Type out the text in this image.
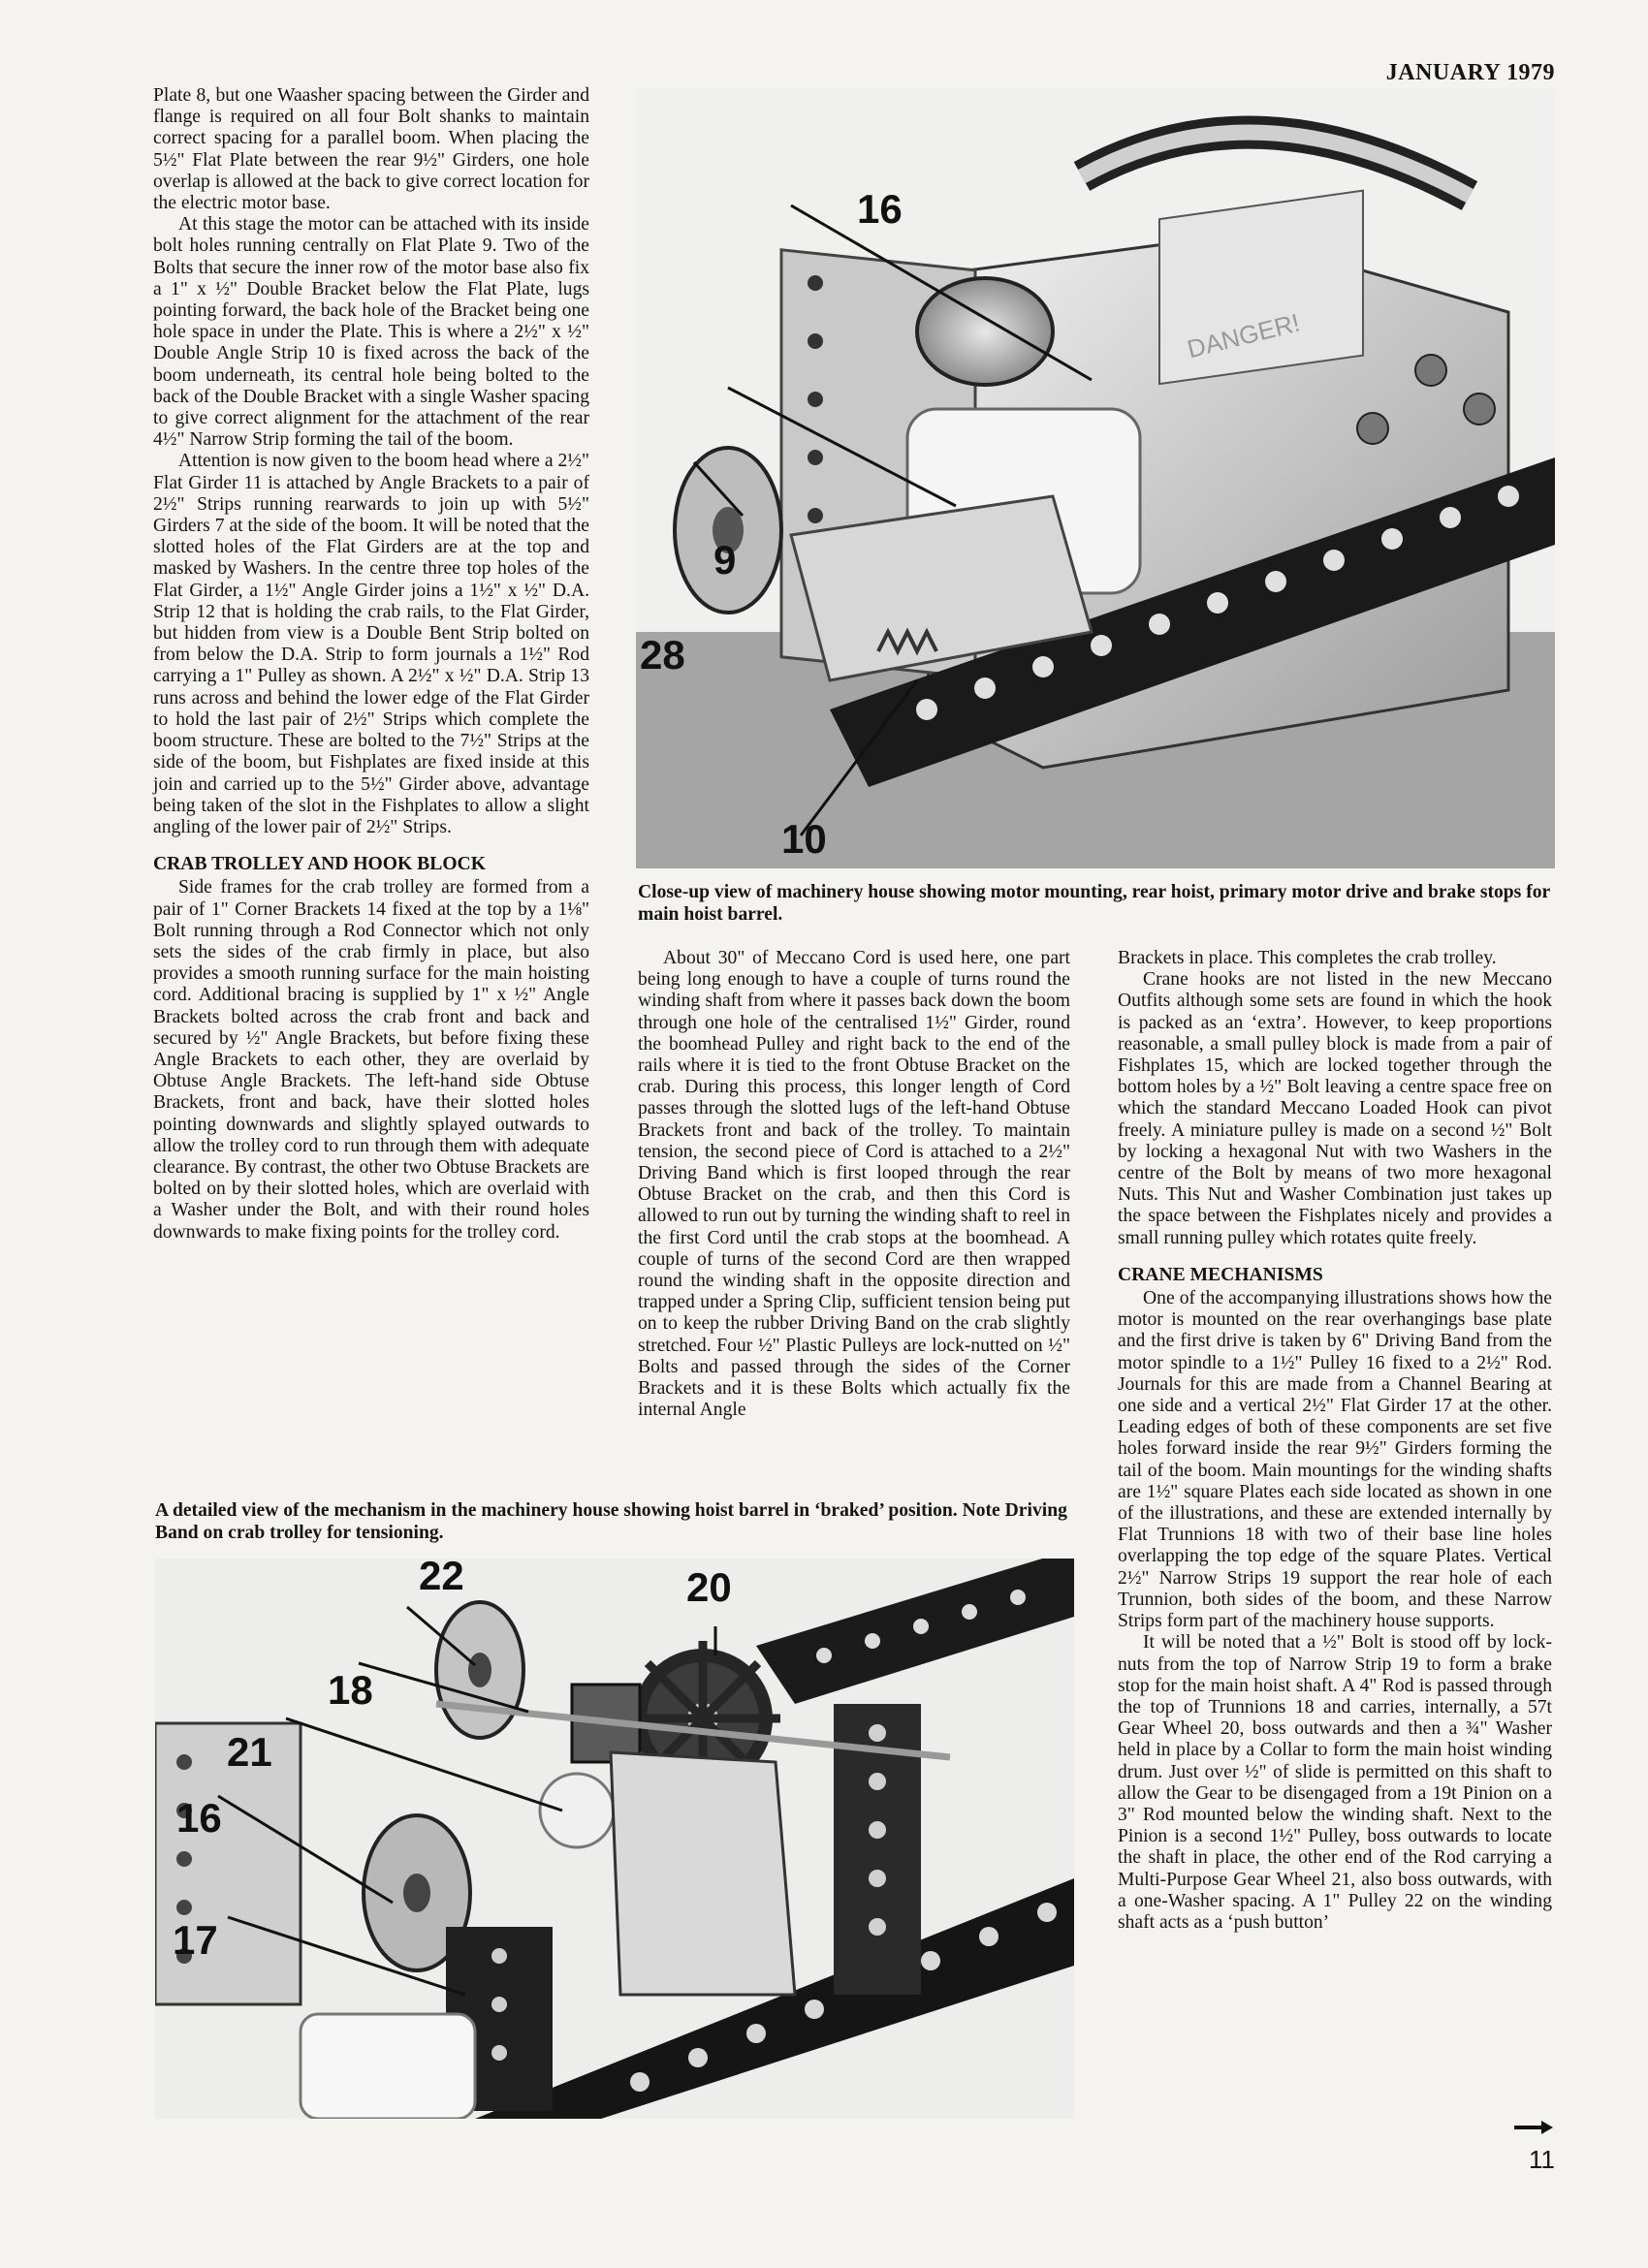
JANUARY 1979

Plate 8, but one Waasher spacing between the Girder and flange is required on all four Bolt shanks to maintain correct spacing for a parallel boom. When placing the 5½" Flat Plate between the rear 9½" Girders, one hole overlap is allowed at the back to give correct location for the electric motor base.

At this stage the motor can be attached with its inside bolt holes running centrally on Flat Plate 9. Two of the Bolts that secure the inner row of the motor base also fix a 1" x ½" Double Bracket below the Flat Plate, lugs pointing forward, the back hole of the Bracket being one hole space in under the Plate. This is where a 2½" x ½" Double Angle Strip 10 is fixed across the back of the boom underneath, its central hole being bolted to the back of the Double Bracket with a single Washer spacing to give correct alignment for the attachment of the rear 4½" Narrow Strip forming the tail of the boom.

Attention is now given to the boom head where a 2½" Flat Girder 11 is attached by Angle Brackets to a pair of 2½" Strips running rearwards to join up with 5½" Girders 7 at the side of the boom. It will be noted that the slotted holes of the Flat Girders are at the top and masked by Washers. In the centre three top holes of the Flat Girder, a 1½" Angle Girder joins a 1½" x ½" D.A. Strip 12 that is holding the crab rails, to the Flat Girder, but hidden from view is a Double Bent Strip bolted on from below the D.A. Strip to form journals a 1½" Rod carrying a 1" Pulley as shown. A 2½" x ½" D.A. Strip 13 runs across and behind the lower edge of the Flat Girder to hold the last pair of 2½" Strips which complete the boom structure. These are bolted to the 7½" Strips at the side of the boom, but Fishplates are fixed inside at this join and carried up to the 5½" Girder above, advantage being taken of the slot in the Fishplates to allow a slight angling of the lower pair of 2½" Strips.

CRAB TROLLEY AND HOOK BLOCK

Side frames for the crab trolley are formed from a pair of 1" Corner Brackets 14 fixed at the top by a 1⅛" Bolt running through a Rod Connector which not only sets the sides of the crab firmly in place, but also provides a smooth running surface for the main hoisting cord. Additional bracing is supplied by 1" x ½" Angle Brackets bolted across the crab front and back and secured by ½" Angle Brackets, but before fixing these Angle Brackets to each other, they are overlaid by Obtuse Angle Brackets. The left-hand side Obtuse Brackets, front and back, have their slotted holes pointing downwards and slightly splayed outwards to allow the trolley cord to run through them with adequate clearance. By contrast, the other two Obtuse Brackets are bolted on by their slotted holes, which are overlaid with a Washer under the Bolt, and with their round holes downwards to make fixing points for the trolley cord.

DANGER!
16
9
28
10
Close-up view of machinery house showing motor mounting, rear hoist, primary motor drive and brake stops for main hoist barrel.

About 30" of Meccano Cord is used here, one part being long enough to have a couple of turns round the winding shaft from where it passes back down the boom through one hole of the centralised 1½" Girder, round the boomhead Pulley and right back to the end of the rails where it is tied to the front Obtuse Bracket on the crab. During this process, this longer length of Cord passes through the slotted lugs of the left-hand Obtuse Brackets front and back of the trolley. To maintain tension, the second piece of Cord is attached to a 2½" Driving Band which is first looped through the rear Obtuse Bracket on the crab, and then this Cord is allowed to run out by turning the winding shaft to reel in the first Cord until the crab stops at the boomhead. A couple of turns of the second Cord are then wrapped round the winding shaft in the opposite direction and trapped under a Spring Clip, sufficient tension being put on to keep the rubber Driving Band on the crab slightly stretched. Four ½" Plastic Pulleys are lock-nutted on ½" Bolts and passed through the sides of the Corner Brackets and it is these Bolts which actually fix the internal Angle

Brackets in place. This completes the crab trolley.

Crane hooks are not listed in the new Meccano Outfits although some sets are found in which the hook is packed as an ‘extra’. However, to keep proportions reasonable, a small pulley block is made from a pair of Fishplates 15, which are locked together through the bottom holes by a ½" Bolt leaving a centre space free on which the standard Meccano Loaded Hook can pivot freely. A miniature pulley is made on a second ½" Bolt by locking a hexagonal Nut with two Washers in the centre of the Bolt by means of two more hexagonal Nuts. This Nut and Washer Combination just takes up the space between the Fishplates nicely and provides a small running pulley which rotates quite freely.

CRANE MECHANISMS

One of the accompanying illustrations shows how the motor is mounted on the rear overhangings base plate and the first drive is taken by 6" Driving Band from the motor spindle to a 1½" Pulley 16 fixed to a 2½" Rod. Journals for this are made from a Channel Bearing at one side and a vertical 2½" Flat Girder 17 at the other. Leading edges of both of these components are set five holes forward inside the rear 9½" Girders forming the tail of the boom. Main mountings for the winding shafts are 1½" square Plates each side located as shown in one of the illustrations, and these are extended internally by Flat Trunnions 18 with two of their base line holes overlapping the top edge of the square Plates. Vertical 2½" Narrow Strips 19 support the rear hole of each Trunnion, both sides of the boom, and these Narrow Strips form part of the machinery house supports.

It will be noted that a ½" Bolt is stood off by lock-nuts from the top of Narrow Strip 19 to form a brake stop for the main hoist shaft. A 4" Rod is passed through the top of Trunnions 18 and carries, internally, a 57t Gear Wheel 20, boss outwards and then a ¾" Washer held in place by a Collar to form the main hoist winding drum. Just over ½" of slide is permitted on this shaft to allow the Gear to be disengaged from a 19t Pinion on a 3" Rod mounted below the winding shaft. Next to the Pinion is a second 1½" Pulley, boss outwards to locate the shaft in place, the other end of the Rod carrying a Multi-Purpose Gear Wheel 21, also boss outwards, with a one-Washer spacing. A 1" Pulley 22 on the winding shaft acts as a ‘push button’

A detailed view of the mechanism in the machinery house showing hoist barrel in ‘braked’ position. Note Driving Band on crab trolley for tensioning.
22	20
18
21
16
17
11
